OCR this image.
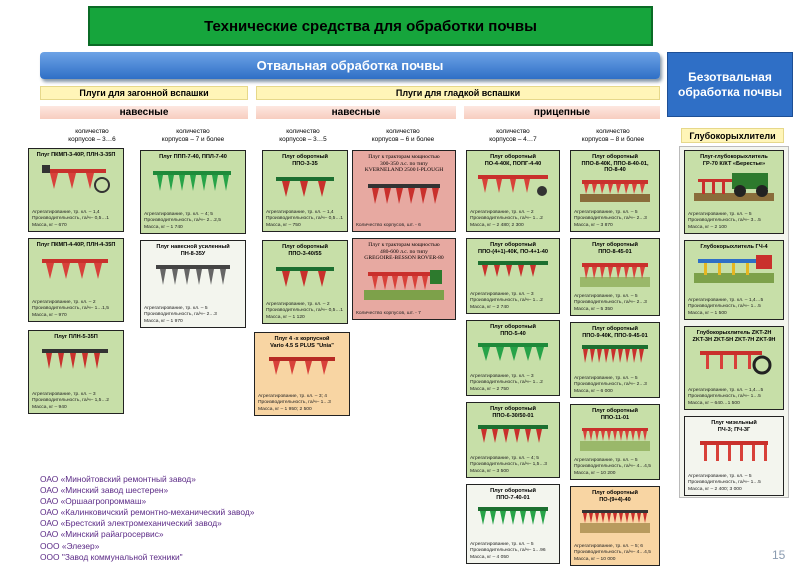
Технические средства для обработки почвы
Отвальная обработка почвы
Безотвальная обработка почвы
Плуги для загонной вспашки	Плуги для гладкой вспашки
навесные	навесные	прицепные
Глубокорыхлители
количество
корпусов – 3…6
количество
корпусов – 7 и более
количество
корпусов – 3…5
количество
корпусов – 6 и более
количество
корпусов – 4…7
количество
корпусов – 8 и более
Плуг ПКМП-3-40Р, ПЛН-3-35П
Агрегатирование, тр. кл. – 1,4
Производительность, га/ч– 0,5…1
Масса, кг – 670
Плуг ПКМП-4-40Р, ПЛН-4-35П
Агрегатирование, тр. кл. – 2
Производительность, га/ч– 1…1,5
Масса, кг – 970
Плуг ПЛН-5-35П
Агрегатирование, тр. кл. – 3
Производительность, га/ч– 1,5…2
Масса, кг – 940
Плуг ППП-7-40, ППЛ-7-40
Агрегатирование, тр. кл. – 4; 5
Производительность, га/ч– 2…2,5
Масса, кг – 1 740
Плуг навесной усиленный
ПН-8-35У
Агрегатирование, тр. кл. – 5
Производительность, га/ч– 2…3
Масса, кг – 1 970
Плуг оборотный
ППО-3-35
Агрегатирование, тр. кл. – 1,4
Производительность, га/ч– 0,5…1
Масса, кг – 750
Плуг оборотный
ППО-3-40/55
Агрегатирование, тр. кл. – 2
Производительность, га/ч– 0,5…1
Масса, кг – 1 120
Плуг 4 -х корпусной
Vario 4.5 S PLUS "Unia"
Агрегатирование, тр. кл. – 3; 4
Производительность, га/ч– 1…3
Масса, кг – 1 950; 2 500
Плуг к тракторам мощностью
300-350 л.с. по типу
KVERNELAND 2500 I-PLOUGH
Количество корпусов, шт. - 6
Плуг к тракторам мощностью
480-600 л.с. по типу
GREGOIRE-BESSON ROVER-80
Количество корпусов, шт. - 7
Плуг оборотный
ПО-4-40К, ПОПГ-4-40
Агрегатирование, тр. кл. – 2
Производительность, га/ч– 1…2
Масса, кг – 2 480; 2 300
Плуг оборотный
ППО-(4+1)-40К, ПО-4+1-40
Агрегатирование, тр. кл. – 3
Производительность, га/ч– 1…2
Масса, кг – 2 740
Плуг оборотный
ППО-5-40
Агрегатирование, тр. кл. – 3
Производительность, га/ч– 1…2
Масса, кг – 2 750
Плуг оборотный
ППО-6-30/50-01
Агрегатирование, тр. кл. – 4; 5
Производительность, га/ч– 1,5…3
Масса, кг – 3 500
Плуг оборотный
ППО-7-40-01
Агрегатирование, тр. кл. – 5
Производительность, га/ч– 1…96
Масса, кг – 4 050
Плуг оборотный
ППО-8-40К, ППО-8-40-01,
ПО-8-40
Агрегатирование, тр. кл. – 5
Производительность, га/ч– 2…3
Масса, кг – 3 870
Плуг оборотный
ППО-8-45-01
Агрегатирование, тр. кл. – 5
Производительность, га/ч– 2…3
Масса, кг – 5 350
Плуг оборотный
ППО-9-40К, ППО-9-45-01
Агрегатирование, тр. кл. – 5
Производительность, га/ч– 2…3
Масса, кг – 6 000
Плуг оборотный
ППО-11-01
Агрегатирование, тр. кл. – 5
Производительность, га/ч– 4…4,5
Масса, кг – 10 200
Плуг оборотный
ПО-(9+4)-40
Агрегатирование, тр. кл. – 5; 6
Производительность, га/ч– 4…4,5
Масса, кг – 10 000
Плуг-глубокорыхлитель
ГР-70 К/КТ «Берестье»
Агрегатирование, тр. кл. – 5
Производительность, га/ч– 3…5
Масса, кг – 2 100
Глубокорыхлитель ГЧ-4
Агрегатирование, тр. кл. – 1,4…5
Производительность, га/ч– 1…5
Масса, кг – 1 500
Глубокорыхлитель ZKT-2Н
ZKT-3Н ZKT-5Н ZKT-7Н ZKT-9Н
Агрегатирование, тр. кл. – 1,4…5
Производительность, га/ч– 1…5
Масса, кг – 640…1 500
Плуг чизельный
ПЧ-3; ПЧ-3Г
Агрегатирование, тр. кл. – 5
Производительность, га/ч– 1…5
Масса, кг – 2 400; 3 000
ОАО «Минойтовский ремонтный завод»
ОАО «Минский завод шестерен»
ОАО «Оршаагропроммаш»
ОАО «Калинковичский ремонтно-механический завод»
ОАО «Брестский электромеханический завод»
ОАО «Минский райагросервис»
ООО «Элезер»
ООО "Завод коммунальной техники"	15
